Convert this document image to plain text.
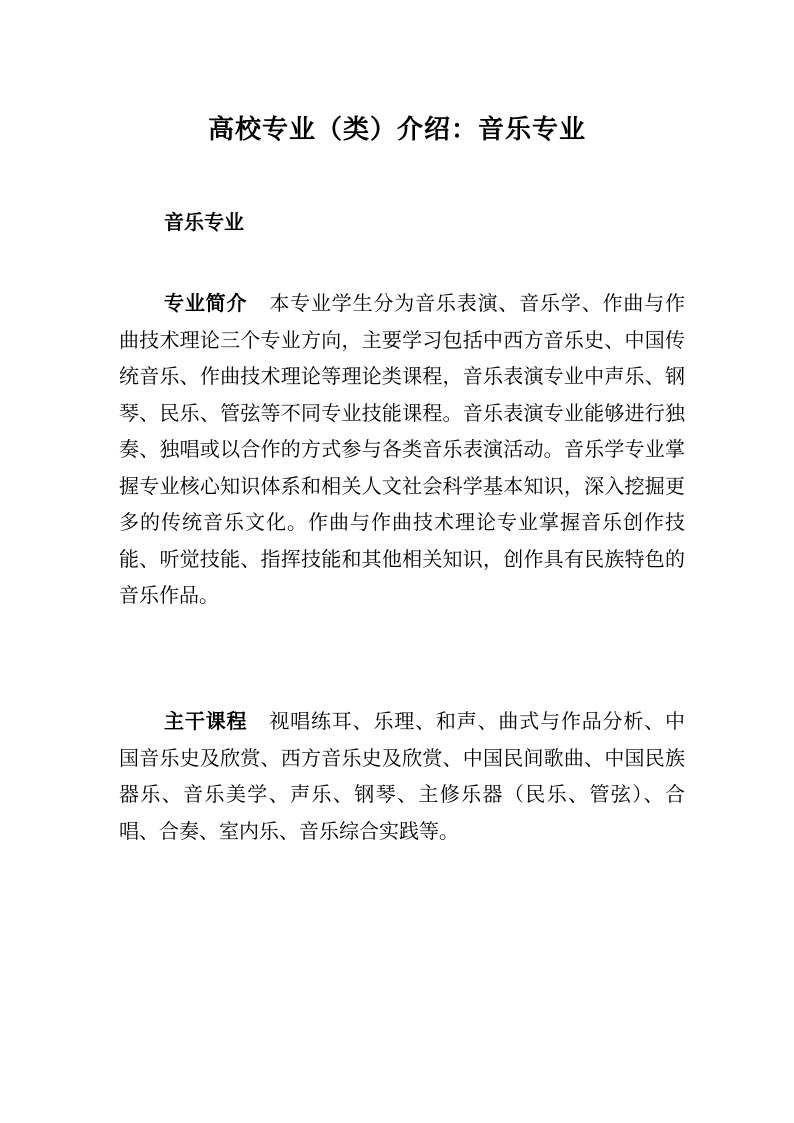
高校专业（类）介绍：音乐专业
音乐专业

专业简介 本专业学生分为音乐表演、音乐学、作曲与作曲技术理论三个专业方向，主要学习包括中西方音乐史、中国传统音乐、作曲技术理论等理论类课程，音乐表演专业中声乐、钢琴、民乐、管弦等不同专业技能课程。音乐表演专业能够进行独奏、独唱或以合作的方式参与各类音乐表演活动。音乐学专业掌握专业核心知识体系和相关人文社会科学基本知识，深入挖掘更多的传统音乐文化。作曲与作曲技术理论专业掌握音乐创作技能、听觉技能、指挥技能和其他相关知识，创作具有民族特色的音乐作品。

主干课程 视唱练耳、乐理、和声、曲式与作品分析、中国音乐史及欣赏、西方音乐史及欣赏、中国民间歌曲、中国民族器乐、音乐美学、声乐、钢琴、主修乐器（民乐、管弦）、合唱、合奏、室内乐、音乐综合实践等。
